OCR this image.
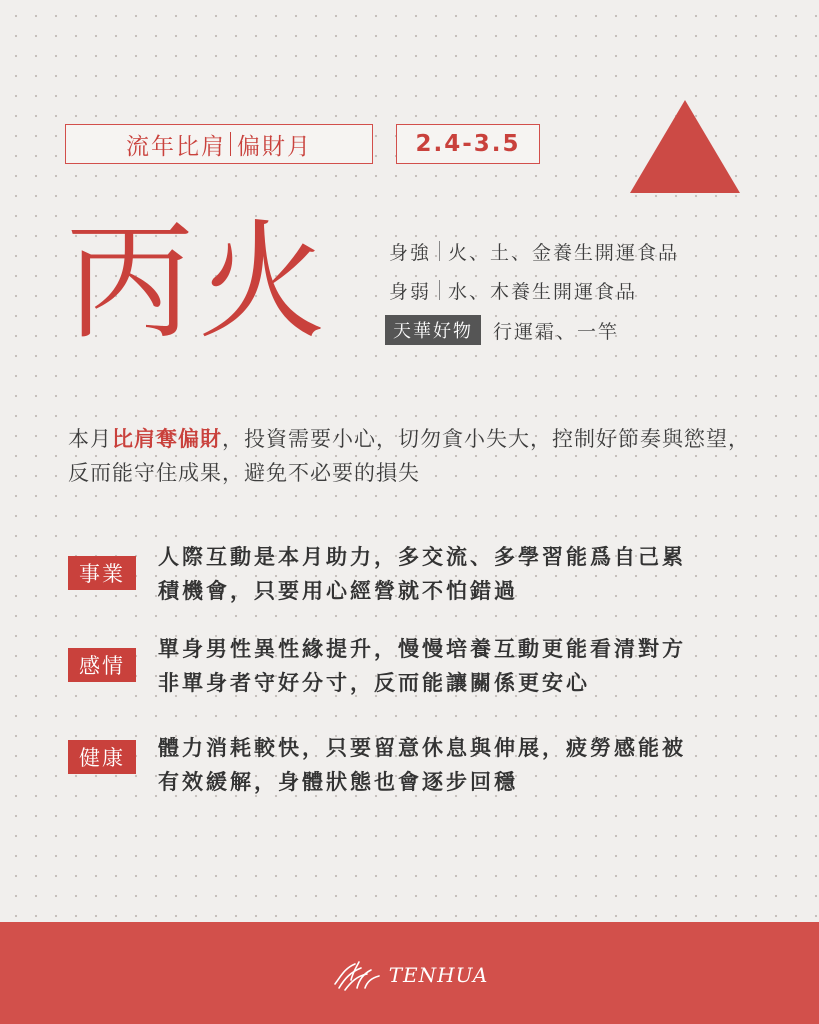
流年比肩 偏財月	2.4-3.5
丙火	身強 火、土、金養生開運食品
身弱 水、木養生開運食品
天華好物	行運霜、一竿
本月比肩奪偏財，投資需要小心，切勿貪小失大，控制好節奏與慾望，反而能守住成果，避免不必要的損失
事業
人際互動是本月助力，多交流、多學習能爲自己累
積機會，只要用心經營就不怕錯過
感情
單身男性異性緣提升，慢慢培養互動更能看清對方
非單身者守好分寸，反而能讓關係更安心
健康	體力消耗較快，只要留意休息與伸展，疲勞感能被
有效緩解，身體狀態也會逐步回穩
TENHUA
